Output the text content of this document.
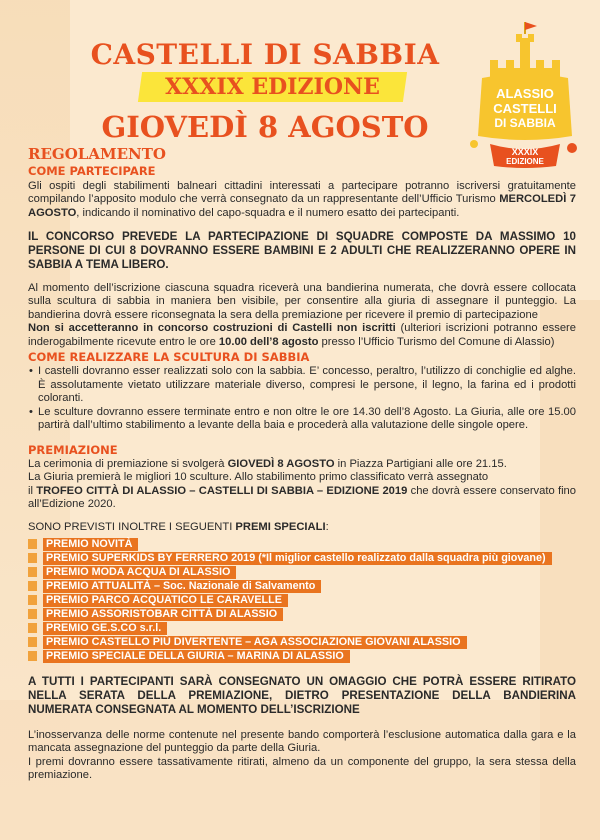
CASTELLI DI SABBIA
XXXIX EDIZIONE
GIOVEDÌ 8 AGOSTO
ALASSIO
CASTELLI
DI SABBIA
XXXIX
EDIZIONE
REGOLAMENTO
COME PARTECIPARE

Gli ospiti degli stabilimenti balneari cittadini interessati a partecipare potranno iscriversi gratuitamente compilando l’apposito modulo che verrà consegnato da un rappresentante dell’Ufficio Turismo MERCOLEDÌ 7 AGOSTO, indicando il nominativo del capo-squadra e il numero esatto dei partecipanti.

IL CONCORSO PREVEDE LA PARTECIPAZIONE DI SQUADRE COMPOSTE DA MASSIMO 10 PERSONE DI CUI 8 DOVRANNO ESSERE BAMBINI E 2 ADULTI CHE REALIZZERANNO OPERE IN SABBIA A TEMA LIBERO.

Al momento dell’iscrizione ciascuna squadra riceverà una bandierina numerata, che dovrà essere collocata sulla scultura di sabbia in maniera ben visibile, per consentire alla giuria di assegnare il punteggio. La bandierina dovrà essere riconsegnata la sera della premiazione per ricevere il premio di partecipazione

Non si accetteranno in concorso costruzioni di Castelli non iscritti (ulteriori iscrizioni potranno essere inderogabilmente ricevute entro le ore 10.00 dell’8 agosto presso l’Ufficio Turismo del Comune di Alassio)

COME REALIZZARE LA SCULTURA DI SABBIA
• I castelli dovranno esser realizzati solo con la sabbia. E’ concesso, peraltro, l’utilizzo di conchiglie ed alghe. È assolutamente vietato utilizzare materiale diverso, compresi le persone, il legno, la farina ed i prodotti coloranti.
• Le sculture dovranno essere terminate entro e non oltre le ore 14.30 dell’8 Agosto. La Giuria, alle ore 15.00 partirà dall’ultimo stabilimento a levante della baia e procederà alla valutazione delle singole opere.
PREMIAZIONE

La cerimonia di premiazione si svolgerà GIOVEDÌ 8 AGOSTO in Piazza Partigiani alle ore 21.15.

La Giuria premierà le migliori 10 sculture. Allo stabilimento primo classificato verrà assegnato

il TROFEO CITTÀ DI ALASSIO – CASTELLI DI SABBIA – EDIZIONE 2019 che dovrà essere conservato fino all’Edizione 2020.

SONO PREVISTI INOLTRE I SEGUENTI PREMI SPECIALI:

PREMIO NOVITÀ
PREMIO SUPERKIDS BY FERRERO 2019 (*Il miglior castello realizzato dalla squadra più giovane)
PREMIO MODA ACQUA DI ALASSIO
PREMIO ATTUALITÀ – Soc. Nazionale di Salvamento
PREMIO PARCO ACQUATICO LE CARAVELLE
PREMIO ASSORISTOBAR CITTÀ DI ALASSIO
PREMIO GE.S.CO s.r.l.
PREMIO CASTELLO PIÙ DIVERTENTE – AGA ASSOCIAZIONE GIOVANI ALASSIO
PREMIO SPECIALE DELLA GIURIA – MARINA DI ALASSIO

A TUTTI I PARTECIPANTI SARÀ CONSEGNATO UN OMAGGIO CHE POTRÀ ESSERE RITIRATO NELLA SERATA DELLA PREMIAZIONE, DIETRO PRESENTAZIONE DELLA BANDIERINA NUMERATA CONSEGNATA AL MOMENTO DELL’ISCRIZIONE

L’inosservanza delle norme contenute nel presente bando comporterà l’esclusione automatica dalla gara e la mancata assegnazione del punteggio da parte della Giuria.

I premi dovranno essere tassativamente ritirati, almeno da un componente del gruppo, la sera stessa della premiazione.
